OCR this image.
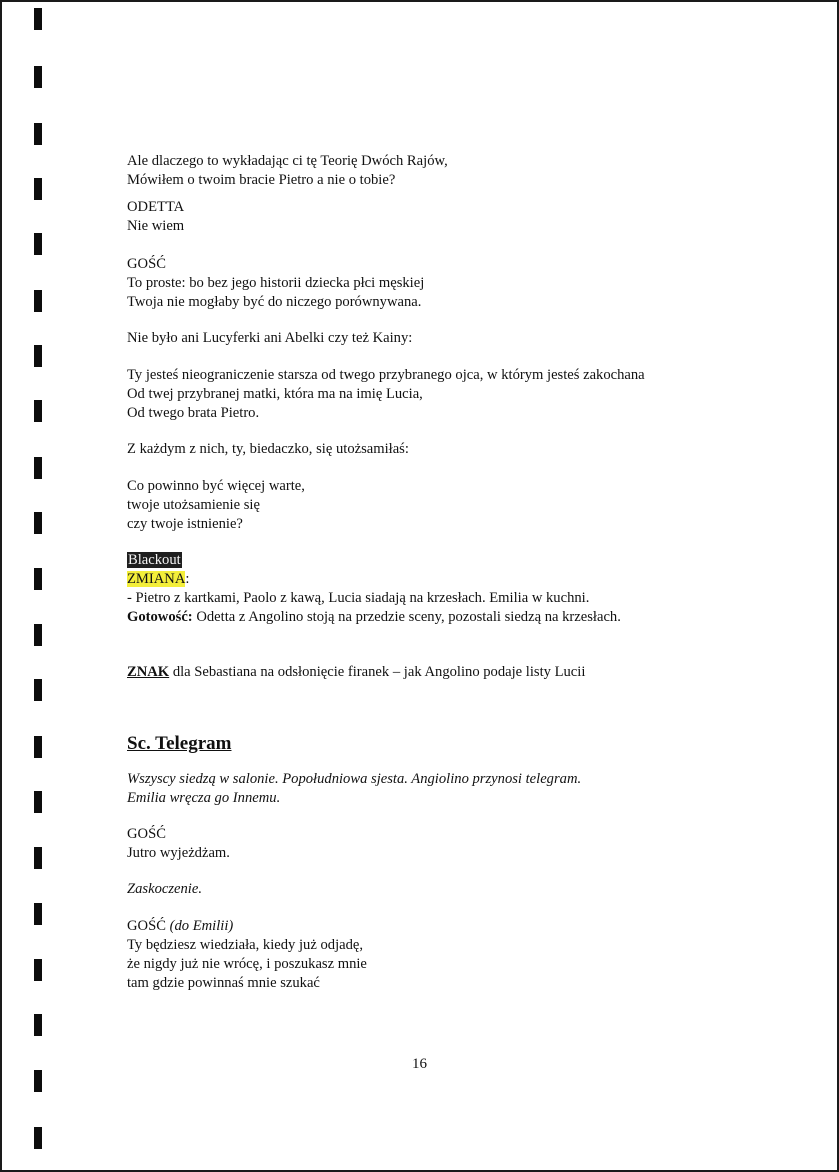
Ale dlaczego to wykładając ci tę Teorię Dwóch Rajów,
Mówiłem o twoim bracie Pietro a nie o tobie?
ODETTA
Nie wiem
GOŚĆ
To proste: bo bez jego historii dziecka płci męskiej
Twoja nie mogłaby być do niczego porównywana.
Nie było ani Lucyferki ani Abelki czy też Kainy:
Ty jesteś nieograniczenie starsza od twego przybranego ojca, w którym jesteś zakochana
Od twej przybranej matki, która ma na imię Lucia,
Od twego brata Pietro.
Z każdym z nich, ty, biedaczko, się utożsamiłaś:
Co powinno być więcej warte,
twoje utożsamienie się
czy twoje istnienie?
Blackout
ZMIANA:
- Pietro z kartkami, Paolo z kawą, Lucia siadają na krzesłach. Emilia w kuchni.
Gotowość: Odetta z Angolino stoją na przedzie sceny, pozostali siedzą na krzesłach.
ZNAK dla Sebastiana na odsłonięcie firanek – jak Angolino podaje listy Lucii
Sc. Telegram
Wszyscy siedzą w salonie. Popołudniowa sjesta. Angiolino przynosi telegram.
Emilia wręcza go Innemu.
GOŚĆ
Jutro wyjeżdżam.
Zaskoczenie.
GOŚĆ (do Emilii)
Ty będziesz wiedziała, kiedy już odjadę,
że nigdy już nie wrócę, i poszukasz mnie
tam gdzie powinnaś mnie szukać
16
